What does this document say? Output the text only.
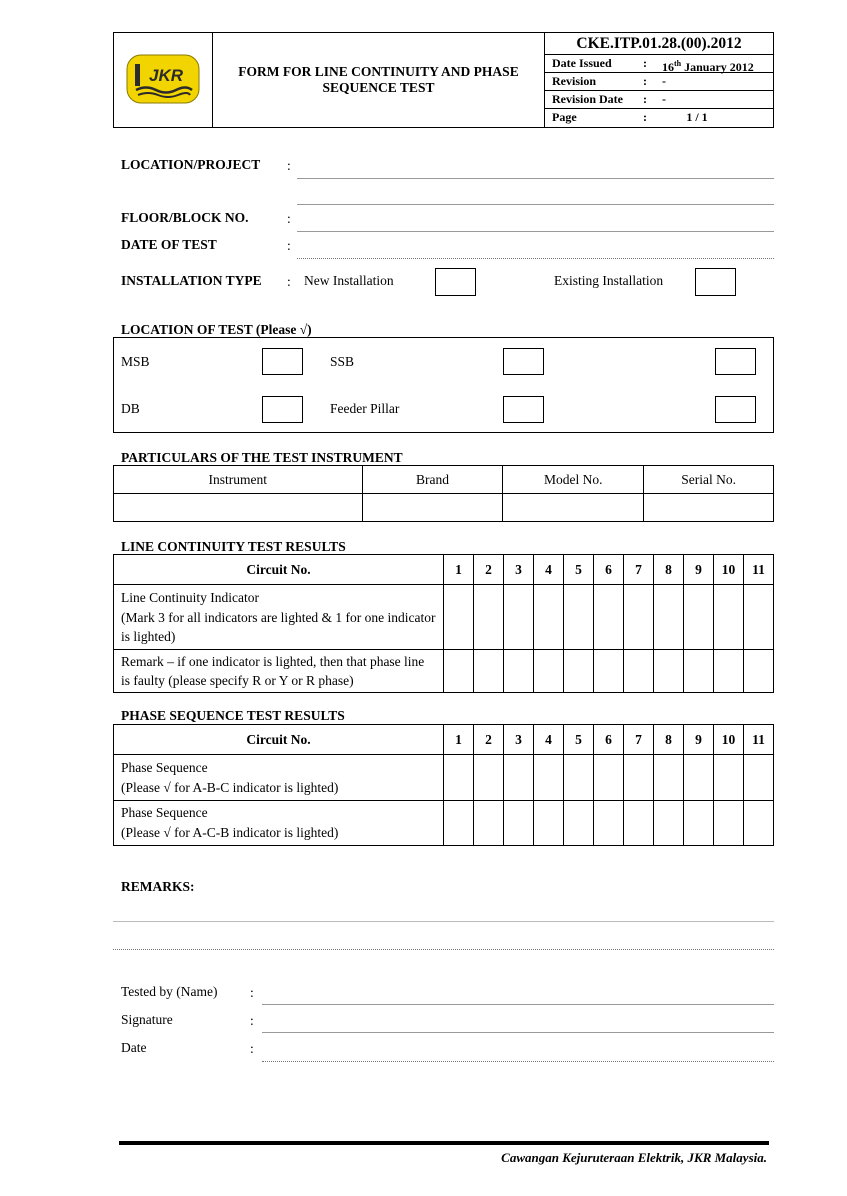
JKR	FORM FOR LINE CONTINUITY AND PHASE SEQUENCE TEST
CKE.ITP.01.28.(00).2012
Date Issued	: 16th January 2012
Revision	: -
Revision Date : -
Page	:	1 / 1
LOCATION/PROJECT :
FLOOR/BLOCK NO.	:
DATE OF TEST	:
INSTALLATION TYPE : New Installation	Existing Installation
LOCATION OF TEST (Please √)
MSB	SSB
DB	Feeder Pillar
PARTICULARS OF THE TEST INSTRUMENT
Instrument	Brand	Model No.	Serial No.

LINE CONTINUITY TEST RESULTS
Circuit No.	1	2	3	4	5	6	7	8	9	10	11

Line Continuity Indicator
(Mark 3 for all indicators are lighted & 1 for one indicator is lighted)											

Remark – if one indicator is lighted, then that phase line is faulty (please specify R or Y or R phase)											
PHASE SEQUENCE TEST RESULTS
Circuit No.	1	2	3	4	5	6	7	8	9	10	11

Phase Sequence
(Please √ for A-B-C indicator is lighted)											

Phase Sequence
(Please √ for A-C-B indicator is lighted)											

REMARKS:
Tested by (Name) :
Signature	:
Date	:
Cawangan Kejuruteraan Elektrik, JKR Malaysia.
